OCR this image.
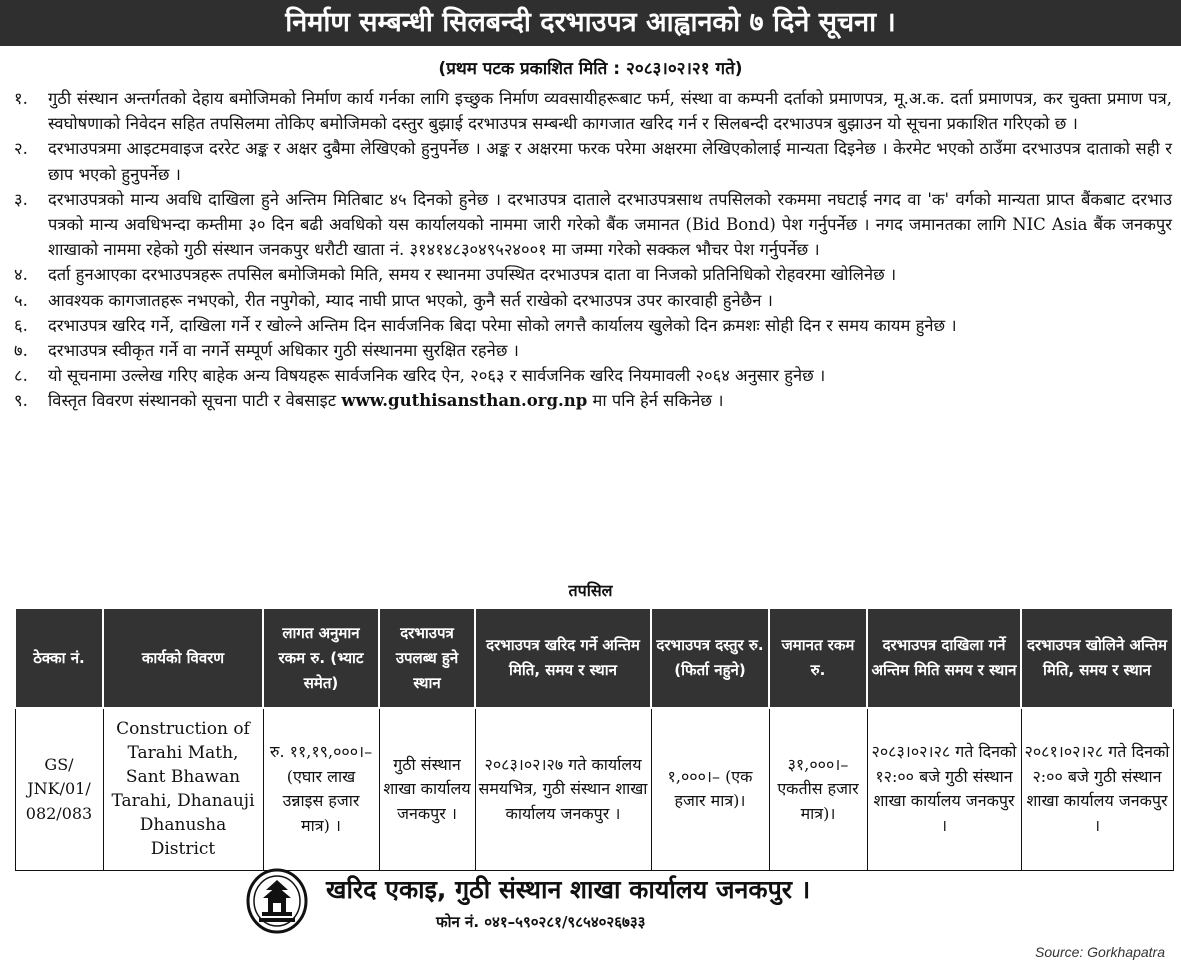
निर्माण सम्बन्धी सिलबन्दी दरभाउपत्र आह्वानको ७ दिने सूचना ।
(प्रथम पटक प्रकाशित मिति : २०८३।०२।२१ गते)
१.	गुठी संस्थान अन्तर्गतको देहाय बमोजिमको निर्माण कार्य गर्नका लागि इच्छुक निर्माण व्यवसायीहरूबाट फर्म, संस्था वा कम्पनी दर्ताको प्रमाणपत्र, मू.अ.क. दर्ता प्रमाणपत्र, कर चुक्ता प्रमाण पत्र, स्वघोषणाको निवेदन सहित तपसिलमा तोकिए बमोजिमको दस्तुर बुझाई दरभाउपत्र सम्बन्धी कागजात खरिद गर्न र सिलबन्दी दरभाउपत्र बुझाउन यो सूचना प्रकाशित गरिएको छ ।
२.	दरभाउपत्रमा आइटमवाइज दररेट अङ्क र अक्षर दुबैमा लेखिएको हुनुपर्नेछ । अङ्क र अक्षरमा फरक परेमा अक्षरमा लेखिएकोलाई मान्यता दिइनेछ । केरमेट भएको ठाउँमा दरभाउपत्र दाताको सही र छाप भएको हुनुपर्नेछ ।
३.	दरभाउपत्रको मान्य अवधि दाखिला हुने अन्तिम मितिबाट ४५ दिनको हुनेछ । दरभाउपत्र दाताले दरभाउपत्रसाथ तपसिलको रकममा नघटाई नगद वा 'क' वर्गको मान्यता प्राप्त बैंकबाट दरभाउ पत्रको मान्य अवधिभन्दा कम्तीमा ३० दिन बढी अवधिको यस कार्यालयको नाममा जारी गरेको बैंक जमानत (Bid Bond) पेश गर्नुपर्नेछ । नगद जमानतका लागि NIC Asia बैंक जनकपुर शाखाको नाममा रहेको गुठी संस्थान जनकपुर धरौटी खाता नं. ३१४१४८३०४९५२४००१ मा जम्मा गरेको सक्कल भौचर पेश गर्नुपर्नेछ ।
४.	दर्ता हुनआएका दरभाउपत्रहरू तपसिल बमोजिमको मिति, समय र स्थानमा उपस्थित दरभाउपत्र दाता वा निजको प्रतिनिधिको रोहवरमा खोलिनेछ ।
५.	आवश्यक कागजातहरू नभएको, रीत नपुगेको, म्याद नाघी प्राप्त भएको, कुनै सर्त राखेको दरभाउपत्र उपर कारवाही हुनेछैन ।
६.	दरभाउपत्र खरिद गर्ने, दाखिला गर्ने र खोल्ने अन्तिम दिन सार्वजनिक बिदा परेमा सोको लगत्तै कार्यालय खुलेको दिन क्रमशः सोही दिन र समय कायम हुनेछ ।
७.	दरभाउपत्र स्वीकृत गर्ने वा नगर्ने सम्पूर्ण अधिकार गुठी संस्थानमा सुरक्षित रहनेछ ।
८.	यो सूचनामा उल्लेख गरिए बाहेक अन्य विषयहरू सार्वजनिक खरिद ऐन, २०६३ र सार्वजनिक खरिद नियमावली २०६४ अनुसार हुनेछ ।
९.	विस्तृत विवरण संस्थानको सूचना पाटी र वेबसाइट www.guthisansthan.org.np मा पनि हेर्न सकिनेछ ।
तपसिल
ठेक्का नं.	कार्यको विवरण	लागत अनुमान रकम रु. (भ्याट समेत)	दरभाउपत्र उपलब्ध हुने स्थान	दरभाउपत्र खरिद गर्ने अन्तिम मिति, समय र स्थान	दरभाउपत्र दस्तुर रु. (फिर्ता नहुने)	जमानत रकम रु.	दरभाउपत्र दाखिला गर्ने अन्तिम मिति समय र स्थान	दरभाउपत्र खोलिने अन्तिम मिति, समय र स्थान
GS/ JNK/01/ 082/083	Construction of Tarahi Math, Sant Bhawan Tarahi, Dhanauji Dhanusha District	रु. ११,१९,०००।– (एघार लाख उन्नाइस हजार मात्र) ।	गुठी संस्थान शाखा कार्यालय जनकपुर ।	२०८३।०२।२७ गते कार्यालय समयभित्र, गुठी संस्थान शाखा कार्यालय जनकपुर ।	१,०००।– (एक हजार मात्र)।	३१,०००।– एकतीस हजार मात्र)।	२०८३।०२।२८ गते दिनको १२:०० बजे गुठी संस्थान शाखा कार्यालय जनकपुर ।	२०८१।०२।२८ गते दिनको २:०० बजे गुठी संस्थान शाखा कार्यालय जनकपुर ।
खरिद एकाइ, गुठी संस्थान शाखा कार्यालय जनकपुर ।
फोन नं. ०४१–५९०२८१/९८५४०२६७३३
Source: Gorkhapatra
